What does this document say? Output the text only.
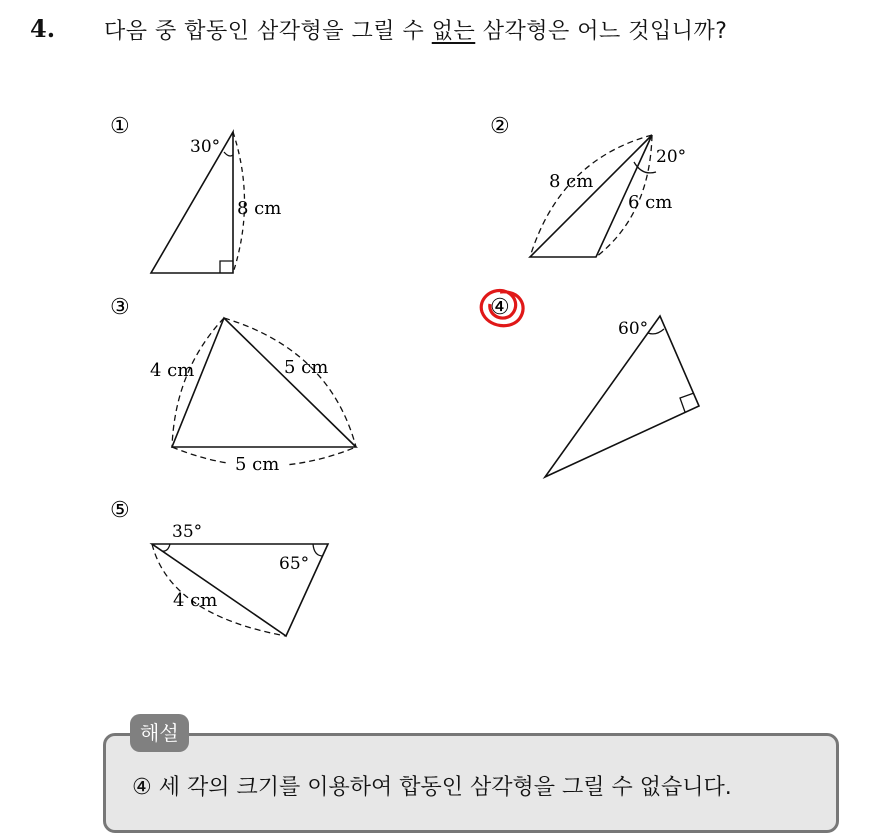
4. 다음 중 합동인 삼각형을 그릴 수 없는 삼각형은 어느 것입니까?
①
30°
8 cm
②
20°
8 cm
6 cm
③
4 cm	5 cm
5 cm
④
60°
⑤
35°
65°
4 cm
해설
④ 세 각의 크기를 이용하여 합동인 삼각형을 그릴 수 없습니다.
